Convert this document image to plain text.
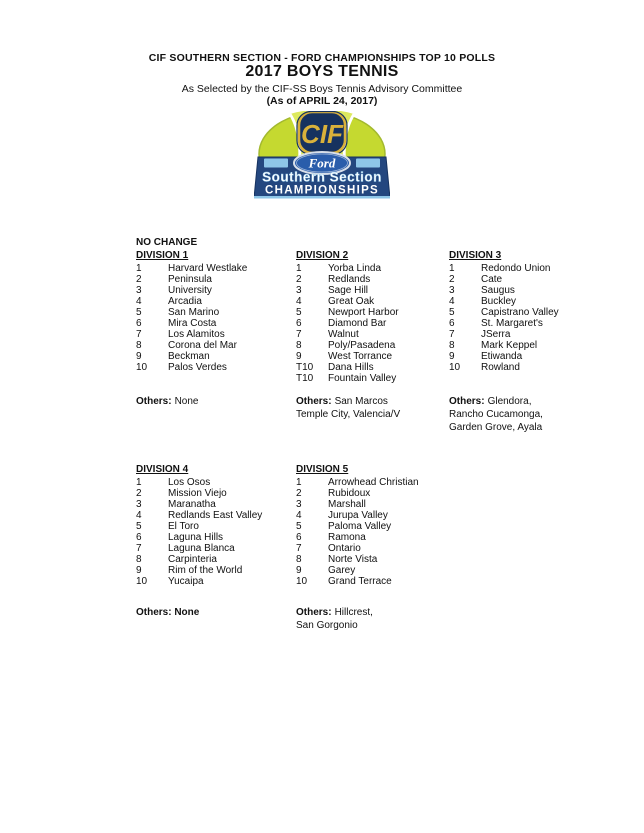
CIF SOUTHERN SECTION - FORD CHAMPIONSHIPS TOP 10 POLLS
2017 BOYS TENNIS
As Selected by the CIF-SS Boys Tennis Advisory Committee
(As of APRIL 24, 2017)
CIF
Ford
Southern Section
CHAMPIONSHIPS
NO CHANGE
DIVISION 1
1	Harvard Westlake
2	Peninsula
3	University
4	Arcadia
5	San Marino
6	Mira Costa
7	Los Alamitos
8	Corona del Mar
9	Beckman
10 Palos Verdes
Others: None
DIVISION 2
1	Yorba Linda
2	Redlands
3	Sage Hill
4	Great Oak
5	Newport Harbor
6	Diamond Bar
7	Walnut
8	Poly/Pasadena
9	West Torrance
T10 Dana Hills
T10 Fountain Valley
Others: San Marcos
Temple City, Valencia/V
DIVISION 3
1	Redondo Union
2	Cate
3	Saugus
4	Buckley
5	Capistrano Valley
6	St. Margaret's
7	JSerra
8	Mark Keppel
9	Etiwanda
10 Rowland
Others: Glendora,
Rancho Cucamonga,
Garden Grove, Ayala
DIVISION 4
1	Los Osos
2	Mission Viejo
3	Maranatha
4	Redlands East Valley
5	El Toro
6	Laguna Hills
7	Laguna Blanca
8	Carpinteria
9	Rim of the World
10 Yucaipa
Others: None
DIVISION 5
1	Arrowhead Christian
2	Rubidoux
3	Marshall
4	Jurupa Valley
5	Paloma Valley
6	Ramona
7	Ontario
8	Norte Vista
9	Garey
10 Grand Terrace
Others: Hillcrest,
San Gorgonio
